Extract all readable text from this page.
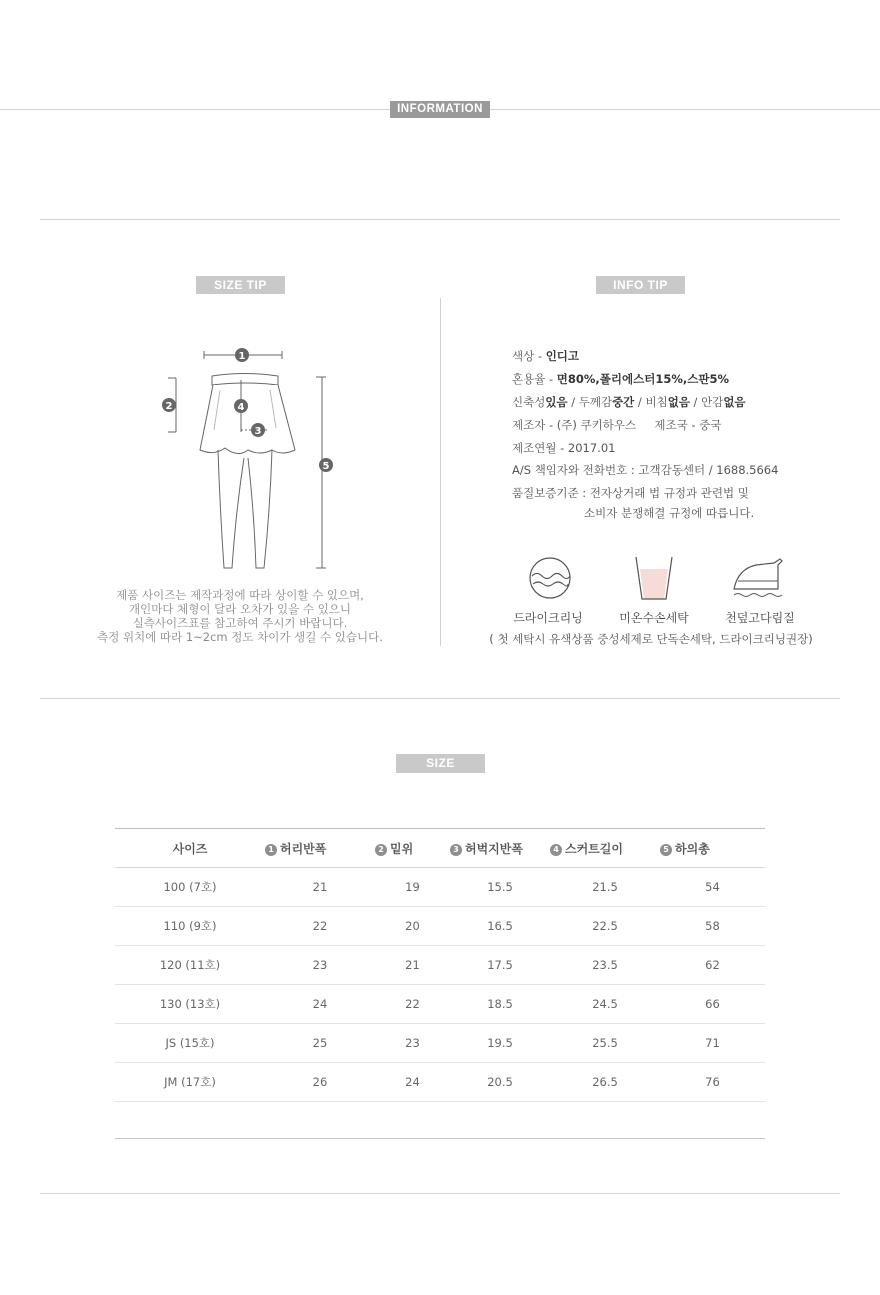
INFORMATION
SIZE TIP
1
2
3
4
5
제품 사이즈는 제작과정에 따라 상이할 수 있으며,
개인마다 체형이 달라 오차가 있을 수 있으니
실측사이즈표를 참고하여 주시기 바랍니다.
측정 위치에 따라 1~2cm 정도 차이가 생길 수 있습니다.
INFO TIP
색상 - 인디고
혼용율 - 면80%,폴리에스터15%,스판5%
신축성있음 / 두께감중간 / 비침없음 / 안감없음
제조자 - (주) 쿠키하우스     제조국 - 중국
제조연월 - 2017.01
A/S 책임자와 전화번호 : 고객감동센터 / 1688.5664
품질보증기준 : 전자상거래 법 규정과 관련법 및
소비자 분쟁해결 규정에 따릅니다.
드라이크리닝	미온수손세탁	천덮고다림질
( 첫 세탁시 유색상품 중성세제로 단독손세탁, 드라이크리닝권장)
SIZE
사이즈	1 허리반폭	2 밑위	3 허벅지반폭	4 스커트길이	5 하의총
100 (7호)	21	19	15.5	21.5	54
110 (9호)	22	20	16.5	22.5	58
120 (11호)	23	21	17.5	23.5	62
130 (13호)	24	22	18.5	24.5	66
JS (15호)	25	23	19.5	25.5	71
JM (17호)	26	24	20.5	26.5	76
